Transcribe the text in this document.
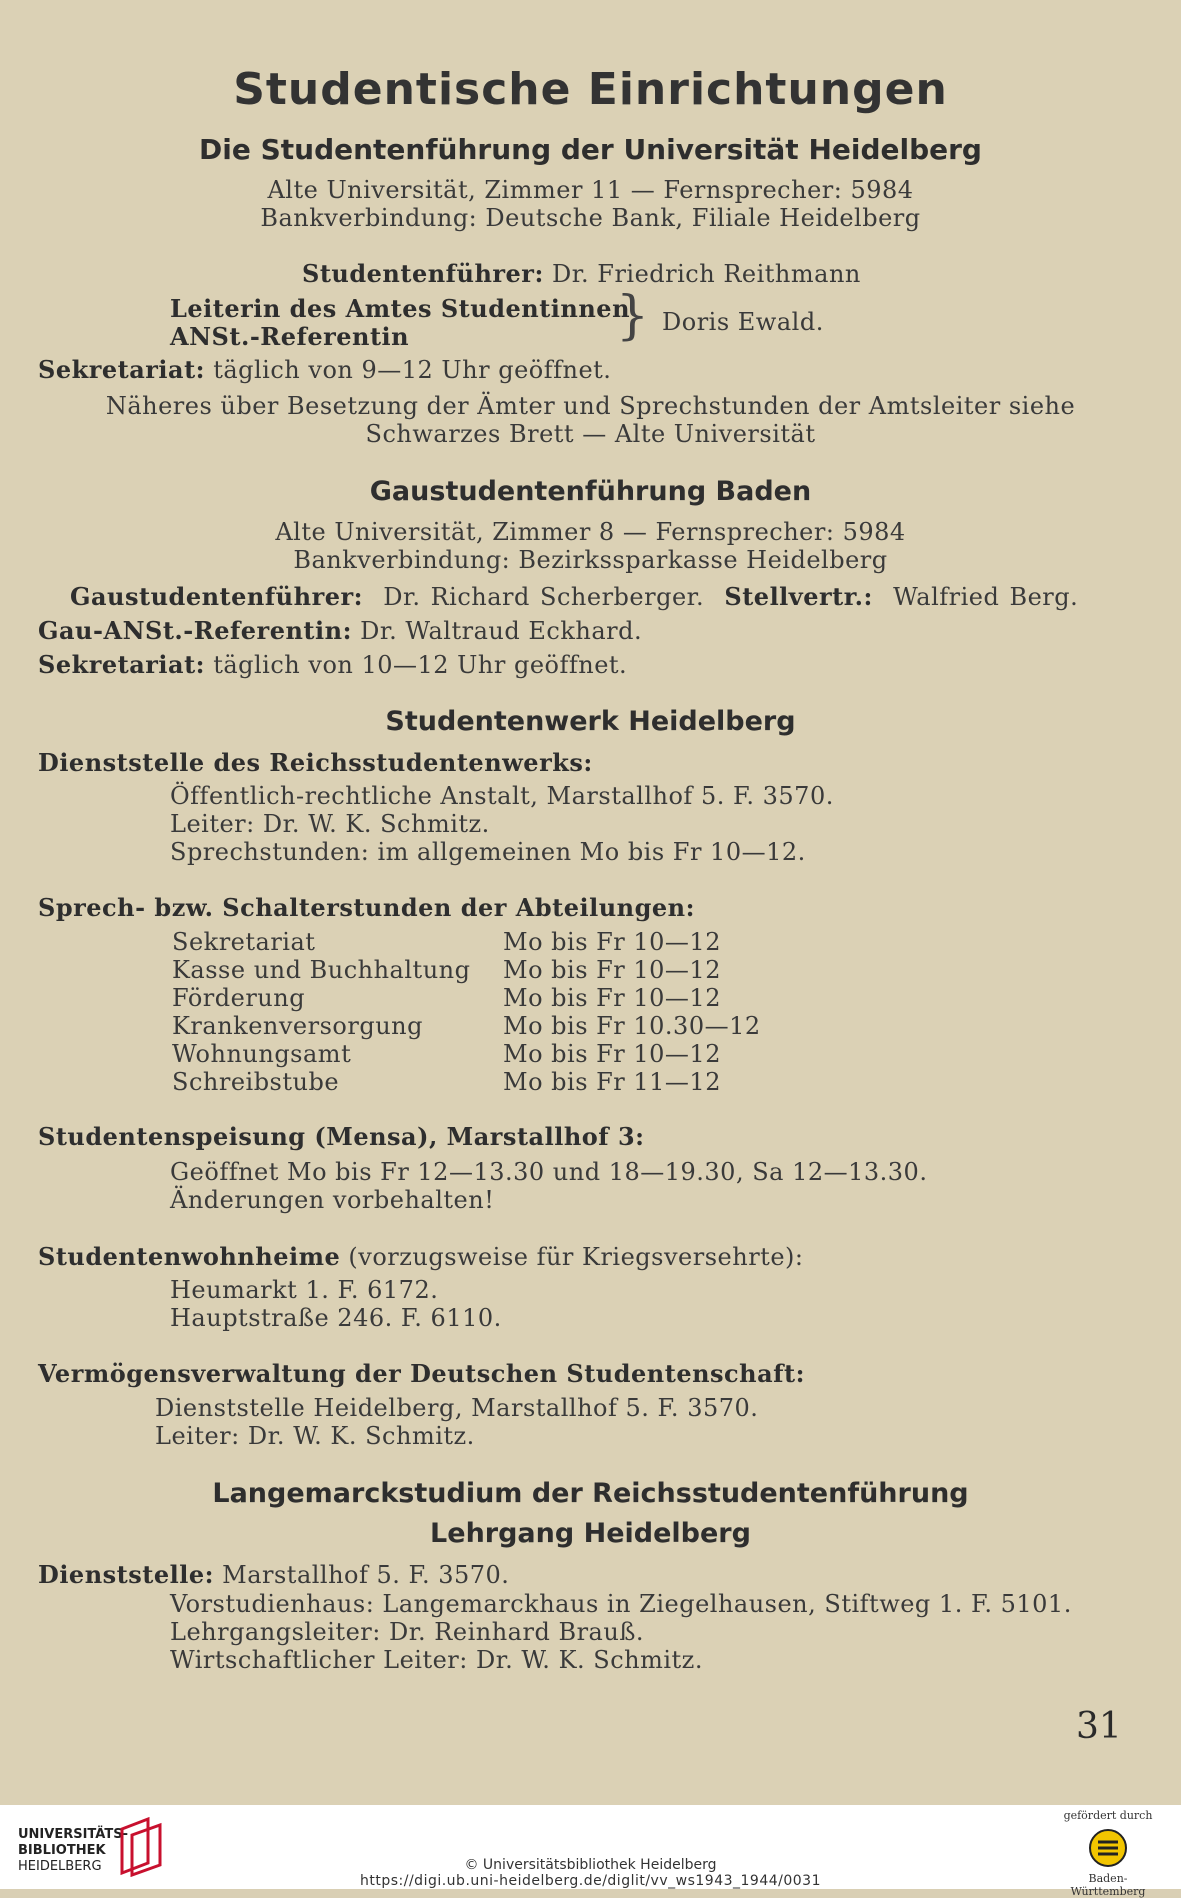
Studentische Einrichtungen
Die Studentenführung der Universität Heidelberg
Alte Universität, Zimmer 11 — Fernsprecher: 5984
Bankverbindung: Deutsche Bank, Filiale Heidelberg
Studentenführer: Dr. Friedrich Reithmann
Leiterin des Amtes Studentinnen
ANSt.-Referentin	} Doris Ewald.
Sekretariat: täglich von 9—12 Uhr geöffnet.
Näheres über Besetzung der Ämter und Sprechstunden der Amtsleiter siehe
Schwarzes Brett — Alte Universität
Gaustudentenführung Baden
Alte Universität, Zimmer 8 — Fernsprecher: 5984
Bankverbindung: Bezirkssparkasse Heidelberg
Gaustudentenführer: Dr. Richard Scherberger. Stellvertr.: Walfried Berg.
Gau-ANSt.-Referentin: Dr. Waltraud Eckhard.
Sekretariat: täglich von 10—12 Uhr geöffnet.
Studentenwerk Heidelberg
Dienststelle des Reichsstudentenwerks:
Öffentlich-rechtliche Anstalt, Marstallhof 5. F. 3570.
Leiter: Dr. W. K. Schmitz.
Sprechstunden: im allgemeinen Mo bis Fr 10—12.
Sprech- bzw. Schalterstunden der Abteilungen:
Sekretariat	Mo bis Fr 10—12
Kasse und Buchhaltung Mo bis Fr 10—12
Förderung	Mo bis Fr 10—12
Krankenversorgung	Mo bis Fr 10.30—12
Wohnungsamt	Mo bis Fr 10—12
Schreibstube	Mo bis Fr 11—12
Studentenspeisung (Mensa), Marstallhof 3:
Geöffnet Mo bis Fr 12—13.30 und 18—19.30, Sa 12—13.30.
Änderungen vorbehalten!
Studentenwohnheime (vorzugsweise für Kriegsversehrte):
Heumarkt 1. F. 6172.
Hauptstraße 246. F. 6110.
Vermögensverwaltung der Deutschen Studentenschaft:
Dienststelle Heidelberg, Marstallhof 5. F. 3570.
Leiter: Dr. W. K. Schmitz.
Langemarckstudium der Reichsstudentenführung
Lehrgang Heidelberg
Dienststelle: Marstallhof 5. F. 3570.
Vorstudienhaus: Langemarckhaus in Ziegelhausen, Stiftweg 1. F. 5101.
Lehrgangsleiter: Dr. Reinhard Brauß.
Wirtschaftlicher Leiter: Dr. W. K. Schmitz.
31
UNIVERSITÄTS-
BIBLIOTHEK
HEIDELBERG	© Universitätsbibliothek Heidelberg
https://digi.ub.uni-heidelberg.de/diglit/vv_ws1943_1944/0031
gefördert durch
Baden-Württemberg
